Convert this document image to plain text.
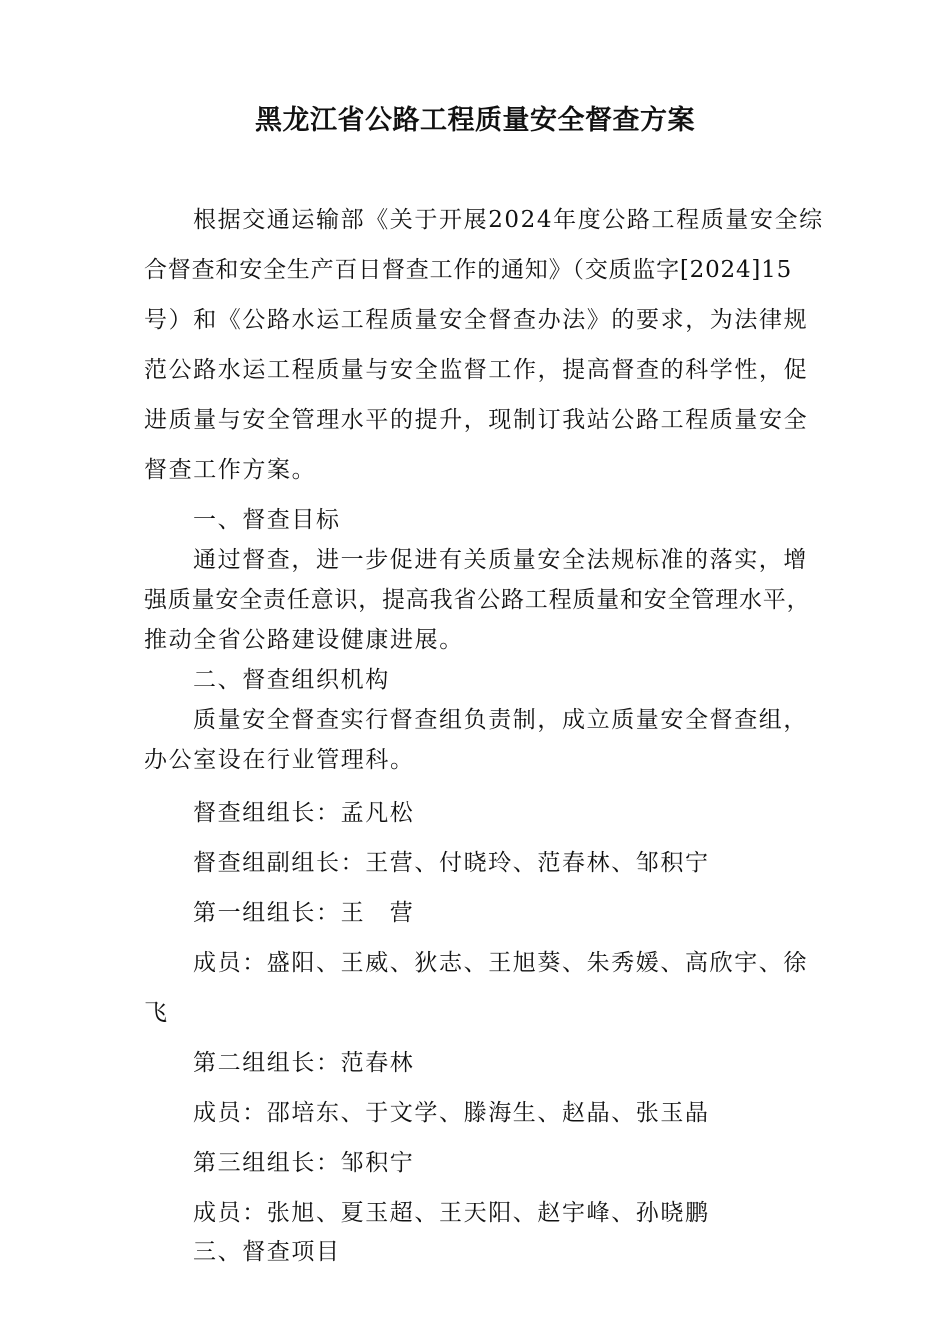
黑龙江省公路工程质量安全督查方案
根据交通运输部《关于开展2024年度公路工程质量安全综
合督查和安全生产百日督查工作的通知》（交质监字[2024]15
号）和《公路水运工程质量安全督查办法》的要求，为法律规
范公路水运工程质量与安全监督工作，提高督查的科学性，促
进质量与安全管理水平的提升，现制订我站公路工程质量安全
督查工作方案。
一、督查目标
通过督查，进一步促进有关质量安全法规标准的落实，增
强质量安全责任意识，提高我省公路工程质量和安全管理水平，
推动全省公路建设健康进展。
二、督查组织机构
质量安全督查实行督查组负责制，成立质量安全督查组，
办公室设在行业管理科。
督查组组长：孟凡松
督查组副组长：王营、付晓玲、范春林、邹积宁
第一组组长：王　营
成员：盛阳、王威、狄志、王旭葵、朱秀媛、高欣宇、徐
飞
第二组组长：范春林
成员：邵培东、于文学、滕海生、赵晶、张玉晶
第三组组长：邹积宁
成员：张旭、夏玉超、王天阳、赵宇峰、孙晓鹏
三、督查项目
